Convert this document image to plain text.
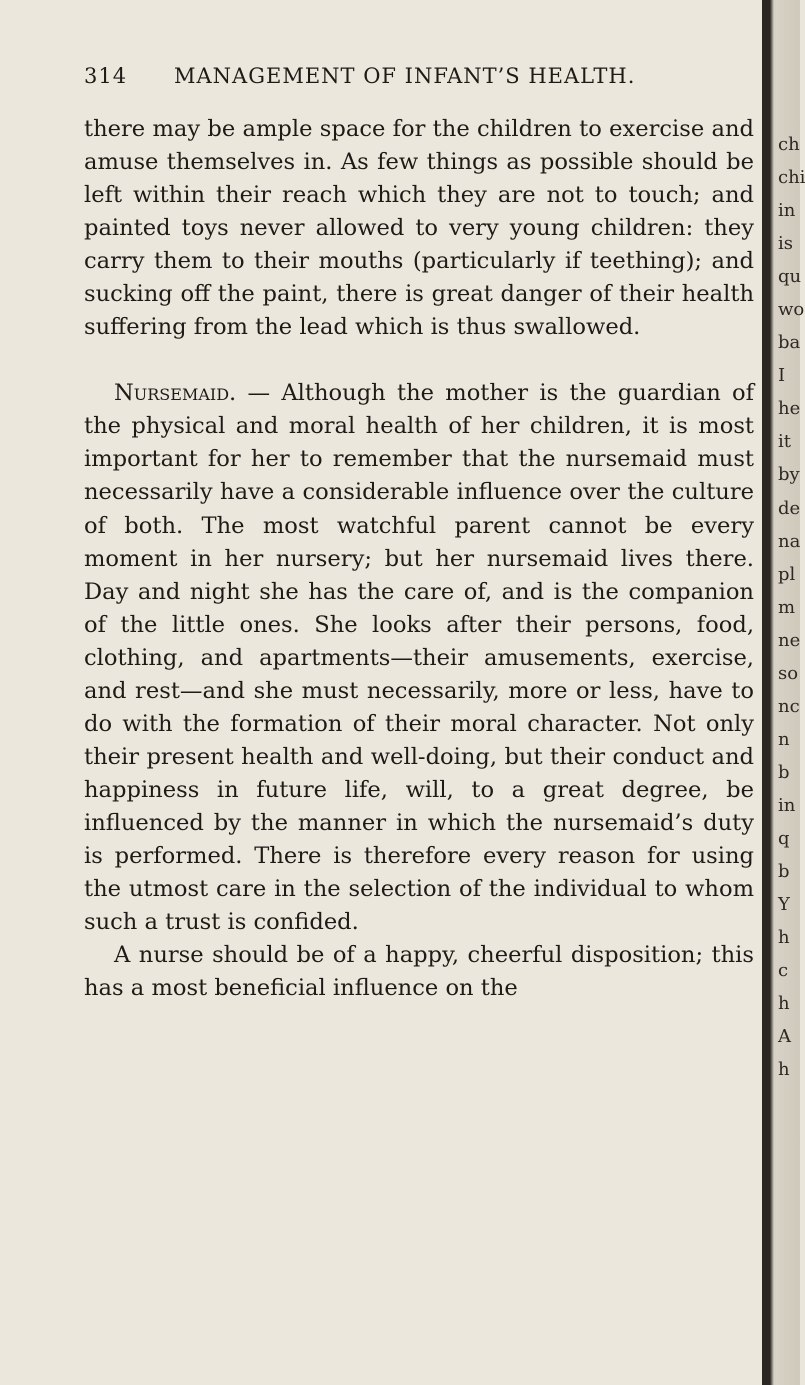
314	MANAGEMENT OF INFANT’S HEALTH.

there may be ample space for the children to exercise and amuse themselves in. As few things as possible should be left within their reach which they are not to touch; and painted toys never allowed to very young children: they carry them to their mouths (particularly if teething); and sucking off the paint, there is great danger of their health suffering from the lead which is thus swallowed.

Nursemaid. — Although the mother is the guardian of the physical and moral health of her children, it is most important for her to remember that the nursemaid must necessarily have a considerable influence over the culture of both. The most watchful parent cannot be every moment in her nursery; but her nursemaid lives there. Day and night she has the care of, and is the companion of the little ones. She looks after their persons, food, clothing, and apartments—their amusements, exercise, and rest—and she must necessarily, more or less, have to do with the formation of their moral character. Not only their present health and well-doing, but their conduct and happiness in future life, will, to a great degree, be influenced by the manner in which the nursemaid’s duty is performed. There is therefore every reason for using the utmost care in the selection of the individual to whom such a trust is confided.

A nurse should be of a happy, cheerful disposition; this has a most beneficial influence on the

ch
chi
in
is
qu
wo
ba
I
he
it
by
de
na
pl
m
ne
so
nc
n
b
in
q
b
Y
h
c
h
A
h
